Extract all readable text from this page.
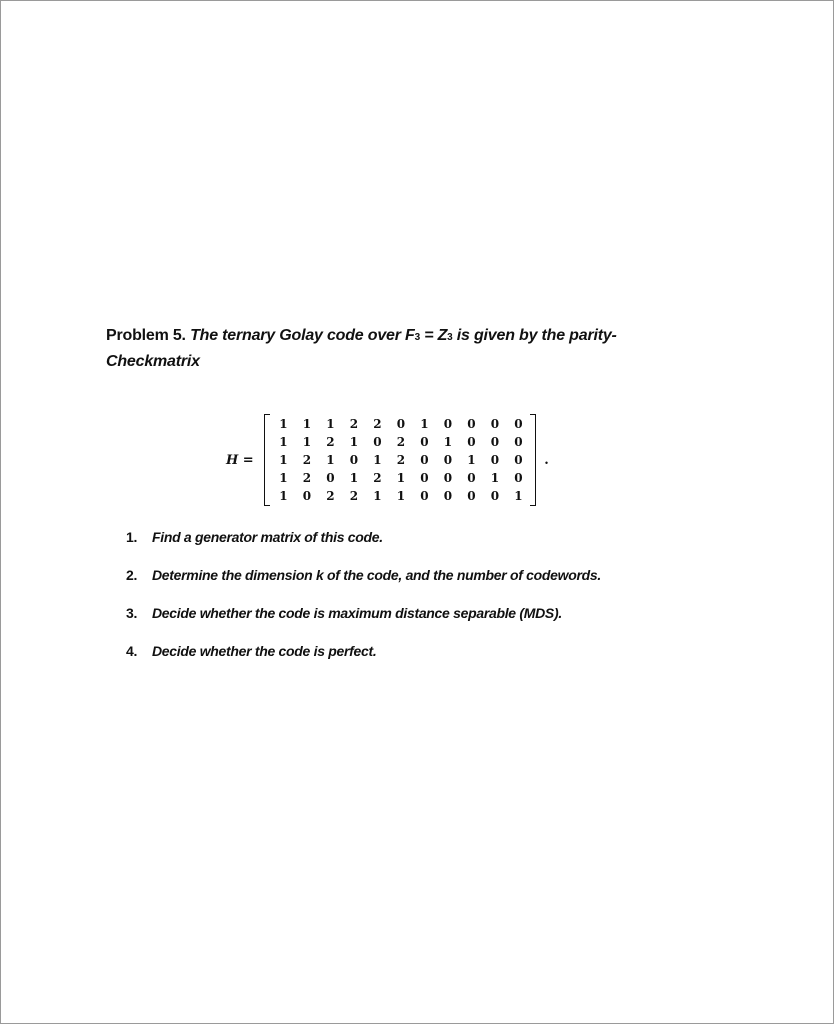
Problem 5. The ternary Golay code over F3 = Z3 is given by the parity-
Checkmatrix
H =
1	1	1	2	2	0	1	0	0	0	0
1	1	2	1	0	2	0	1	0	0	0
1	2	1	0	1	2	0	0	1	0	0
1	2	0	1	2	1	0	0	0	1	0
1	0	2	2	1	1	0	0	0	0	1
.
1.	Find a generator matrix of this code.
2.	Determine the dimension k of the code, and the number of codewords.
3.	Decide whether the code is maximum distance separable (MDS).
4.	Decide whether the code is perfect.
